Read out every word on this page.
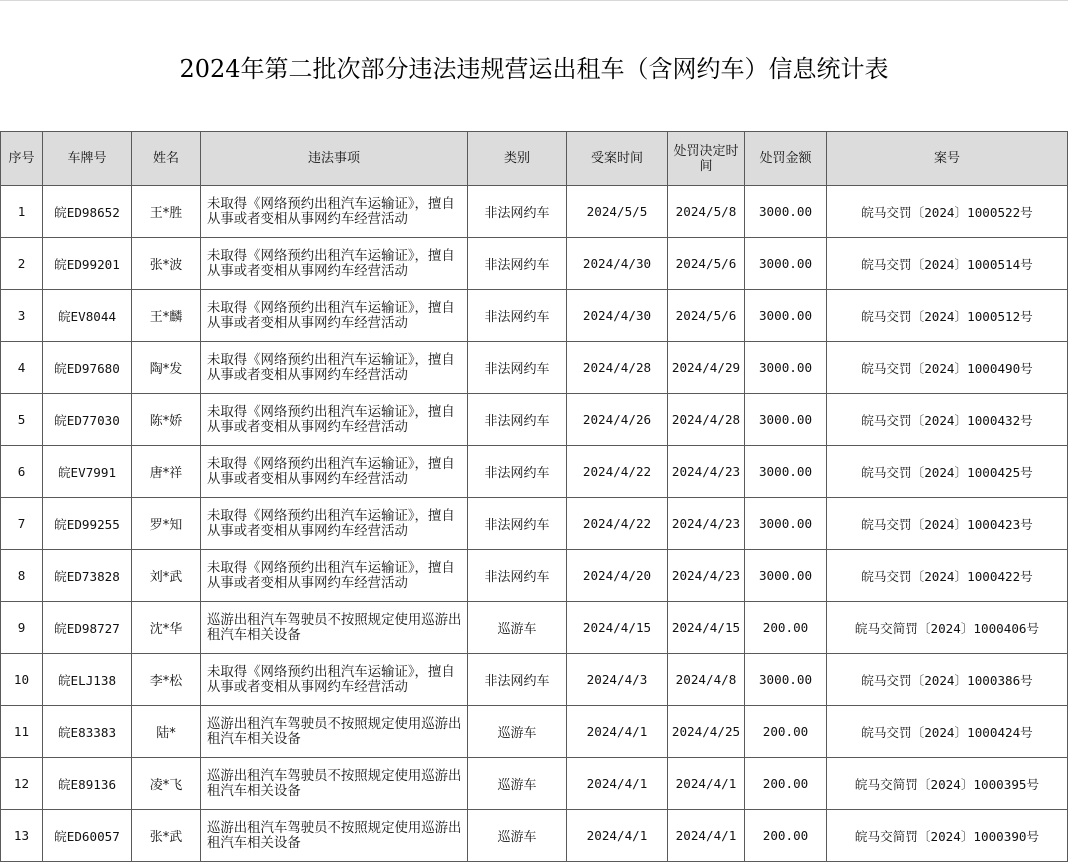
2024年第二批次部分违法违规营运出租车（含网约车）信息统计表
序号	车牌号	姓名	违法事项	类别	受案时间	处罚决定时间	处罚金额	案号
1	皖ED98652	王*胜	未取得《网络预约出租汽车运输证》，擅自从事或者变相从事网约车经营活动	非法网约车	2024/5/5	2024/5/8	3000.00	皖马交罚〔2024〕1000522号
2	皖ED99201	张*波	未取得《网络预约出租汽车运输证》，擅自从事或者变相从事网约车经营活动	非法网约车	2024/4/30	2024/5/6	3000.00	皖马交罚〔2024〕1000514号
3	皖EV8044	王*麟	未取得《网络预约出租汽车运输证》，擅自从事或者变相从事网约车经营活动	非法网约车	2024/4/30	2024/5/6	3000.00	皖马交罚〔2024〕1000512号
4	皖ED97680	陶*发	未取得《网络预约出租汽车运输证》，擅自从事或者变相从事网约车经营活动	非法网约车	2024/4/28	2024/4/29	3000.00	皖马交罚〔2024〕1000490号
5	皖ED77030	陈*娇	未取得《网络预约出租汽车运输证》，擅自从事或者变相从事网约车经营活动	非法网约车	2024/4/26	2024/4/28	3000.00	皖马交罚〔2024〕1000432号
6	皖EV7991	唐*祥	未取得《网络预约出租汽车运输证》，擅自从事或者变相从事网约车经营活动	非法网约车	2024/4/22	2024/4/23	3000.00	皖马交罚〔2024〕1000425号
7	皖ED99255	罗*知	未取得《网络预约出租汽车运输证》，擅自从事或者变相从事网约车经营活动	非法网约车	2024/4/22	2024/4/23	3000.00	皖马交罚〔2024〕1000423号
8	皖ED73828	刘*武	未取得《网络预约出租汽车运输证》，擅自从事或者变相从事网约车经营活动	非法网约车	2024/4/20	2024/4/23	3000.00	皖马交罚〔2024〕1000422号
9	皖ED98727	沈*华	巡游出租汽车驾驶员不按照规定使用巡游出租汽车相关设备	巡游车	2024/4/15	2024/4/15	200.00	皖马交简罚〔2024〕1000406号
10	皖ELJ138	李*松	未取得《网络预约出租汽车运输证》，擅自从事或者变相从事网约车经营活动	非法网约车	2024/4/3	2024/4/8	3000.00	皖马交罚〔2024〕1000386号
11	皖E83383	陆*	巡游出租汽车驾驶员不按照规定使用巡游出租汽车相关设备	巡游车	2024/4/1	2024/4/25	200.00	皖马交罚〔2024〕1000424号
12	皖E89136	凌*飞	巡游出租汽车驾驶员不按照规定使用巡游出租汽车相关设备	巡游车	2024/4/1	2024/4/1	200.00	皖马交简罚〔2024〕1000395号
13	皖ED60057	张*武	巡游出租汽车驾驶员不按照规定使用巡游出租汽车相关设备	巡游车	2024/4/1	2024/4/1	200.00	皖马交简罚〔2024〕1000390号
